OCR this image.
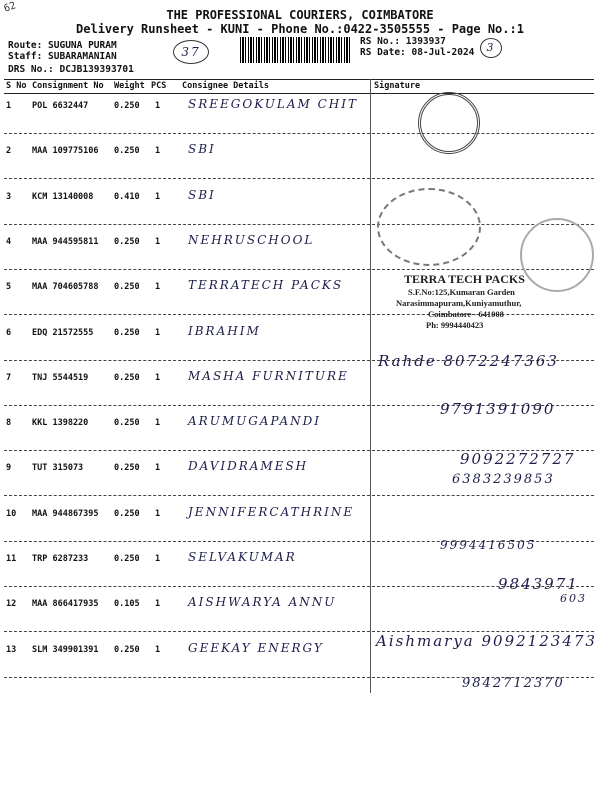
62
THE PROFESSIONAL COURIERS, COIMBATORE
Delivery Runsheet - KUNI - Phone No.:0422-3505555 - Page No.:1
Route: SUGUNA PURAM
Staff: SUBARAMANIAN
DRS No.: DCJB139393701
37
RS No.: 1393937
RS Date: 08-Jul-2024	3
S No Consignment No Weight PCS Consignee Details	Signature
1 POL 6632447	0.250 1 SREEGOKULAM CHIT
2 MAA 109775106 0.250 1 SBI
3 KCM 13140008 0.410 1 SBI
4 MAA 944595811 0.250 1 NEHRUSCHOOL
5 MAA 704605788 0.250 1 TERRATECH PACKS
6 EDQ 21572555 0.250 1 IBRAHIM
7 TNJ 5544519	0.250 1 MASHA FURNITURE
8 KKL 1398220	0.250 1 ARUMUGAPANDI
9 TUT 315073	0.250 1 DAVIDRAMESH
10 MAA 944867395 0.250 1 JENNIFERCATHRINE
11 TRP 6287233	0.250 1 SELVAKUMAR
12 MAA 866417935 0.105 1 AISHWARYA ANNU
13 SLM 349901391 0.250 1 GEEKAY ENERGY
TERRA TECH PACKS
S.F.No:125,Kumaran Garden
Narasimmapuram,Kuniyamuthur,
Coimbatore - 641008
Ph: 9994440423
Rahde 8072247363
9791391090
9092272727
6383239853
9994416505
9843971
603
Aishmarya 9092123473
9842712370
